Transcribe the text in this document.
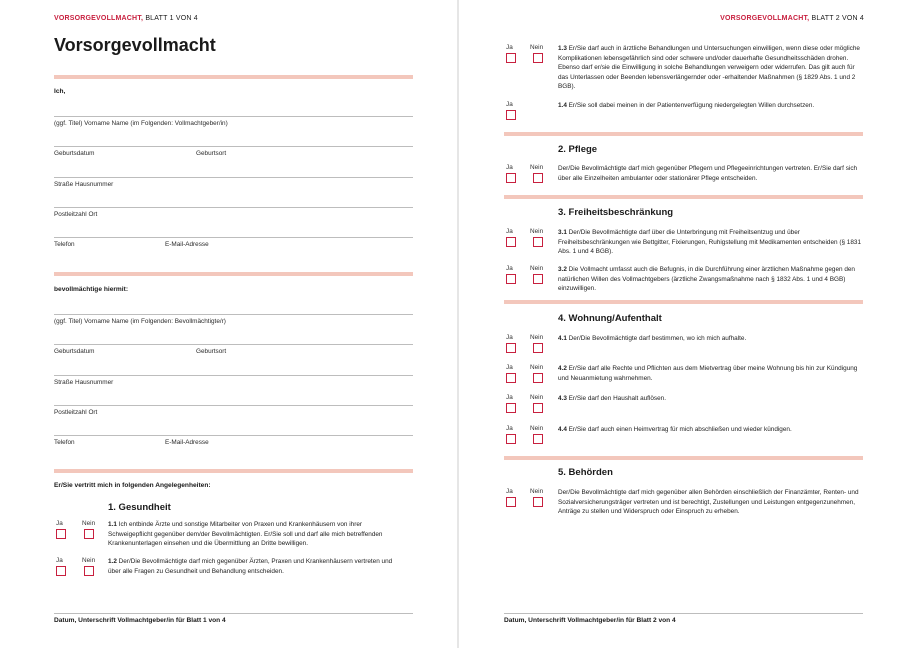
VORSORGEVOLLMACHT, BLATT 1 VON 4
Vorsorgevollmacht
Ich,
(ggf. Titel) Vorname Name (im Folgenden: Vollmachtgeber/in)
Geburtsdatum	Geburtsort
Straße Hausnummer
Postleitzahl Ort
Telefon	E-Mail-Adresse
bevollmächtige hiermit:
(ggf. Titel) Vorname Name (im Folgenden: Bevollmächtigte/r)
Geburtsdatum	Geburtsort
Straße Hausnummer
Postleitzahl Ort
Telefon	E-Mail-Adresse
Er/Sie vertritt mich in folgenden Angelegenheiten:
1. Gesundheit
Ja	Nein 1.1 Ich entbinde Ärzte und sonstige Mitarbeiter von Praxen und Krankenhäusern von ihrer Schweigepflicht gegenüber dem/der Bevollmächtigten. Er/Sie soll und darf alle mich betreffenden Krankenunterlagen einsehen und die Übermittlung an Dritte bewilligen.
Ja	Nein 1.2 Der/Die Bevollmächtigte darf mich gegenüber Ärzten, Praxen und Krankenhäusern vertreten und über alle Fragen zu Gesundheit und Behandlung entscheiden.
Datum, Unterschrift Vollmachtgeber/in für Blatt 1 von 4
VORSORGEVOLLMACHT, BLATT 2 VON 4
Ja	Nein 1.3 Er/Sie darf auch in ärztliche Behandlungen und Untersuchungen einwilligen, wenn diese oder mögliche Komplikationen lebensgefährlich sind oder schwere und/oder dauerhafte Gesundheitsschäden drohen. Ebenso darf er/sie die Einwilligung in solche Behandlungen verweigern oder widerrufen. Das gilt auch für das Unterlassen oder Beenden lebensverlängernder oder -erhaltender Maßnahmen (§ 1829 Abs. 1 und 2 BGB).
Ja	1.4 Er/Sie soll dabei meinen in der Patientenverfügung niedergelegten Willen durchsetzen.
2. Pflege
Ja	Nein Der/Die Bevollmächtigte darf mich gegenüber Pflegern und Pflegeeinrichtungen vertreten. Er/Sie darf sich über alle Einzelheiten ambulanter oder stationärer Pflege entscheiden.
3. Freiheitsbeschränkung
Ja	Nein 3.1 Der/Die Bevollmächtigte darf über die Unterbringung mit Freiheitsentzug und über Freiheitsbeschränkungen wie Bettgitter, Fixierungen, Ruhigstellung mit Medikamenten entscheiden (§ 1831 Abs. 1 und 4 BGB).
Ja	Nein 3.2 Die Vollmacht umfasst auch die Befugnis, in die Durchführung einer ärztlichen Maßnahme gegen den natürlichen Willen des Vollmachtgebers (ärztliche Zwangsmaßnahme nach § 1832 Abs. 1 und 4 BGB) einzuwilligen.
4. Wohnung/Aufenthalt
Ja	Nein 4.1 Der/Die Bevollmächtigte darf bestimmen, wo ich mich aufhalte.
Ja	Nein 4.2 Er/Sie darf alle Rechte und Pflichten aus dem Mietvertrag über meine Wohnung bis hin zur Kündigung und Neuanmietung wahrnehmen.
Ja	Nein 4.3 Er/Sie darf den Haushalt auflösen.
Ja	Nein 4.4 Er/Sie darf auch einen Heimvertrag für mich abschließen und wieder kündigen.
5. Behörden
Ja	Nein Der/Die Bevollmächtigte darf mich gegenüber allen Behörden einschließlich der Finanzämter, Renten- und Sozialversicherungsträger vertreten und ist berechtigt, Zustellungen und Leistungen entgegenzunehmen, Anträge zu stellen und Widerspruch oder Einspruch zu erheben.
Datum, Unterschrift Vollmachtgeber/in für Blatt 2 von 4
